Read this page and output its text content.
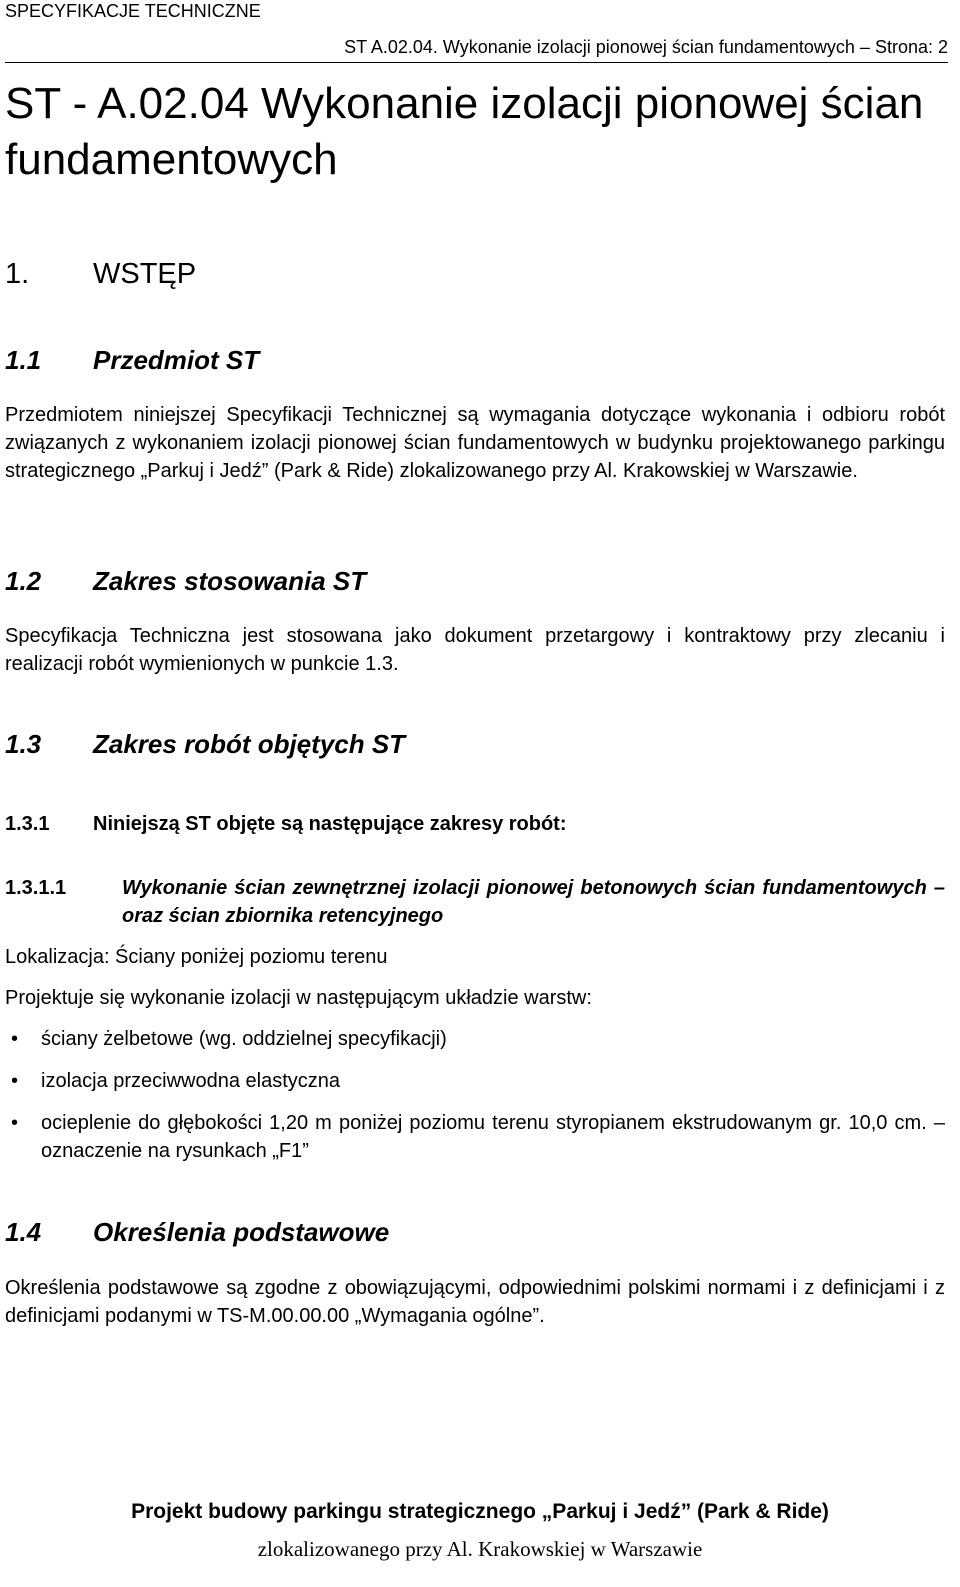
SPECYFIKACJE TECHNICZNE
ST A.02.04. Wykonanie izolacji pionowej ścian fundamentowych – Strona: 2
ST - A.02.04 Wykonanie izolacji pionowej ścian fundamentowych
1. WSTĘP
1.1 Przedmiot ST
Przedmiotem niniejszej Specyfikacji Technicznej są wymagania dotyczące wykonania i odbioru robót związanych z wykonaniem izolacji pionowej ścian fundamentowych w budynku projektowanego parkingu strategicznego „Parkuj i Jedź” (Park & Ride) zlokalizowanego przy Al. Krakowskiej w Warszawie.
1.2 Zakres stosowania ST
Specyfikacja Techniczna jest stosowana jako dokument przetargowy i kontraktowy przy zlecaniu i realizacji robót wymienionych w punkcie 1.3.
1.3 Zakres robót objętych ST
1.3.1 Niniejszą ST objęte są następujące zakresy robót:
1.3.1.1	Wykonanie ścian zewnętrznej izolacji pionowej betonowych ścian fundamentowych – oraz ścian zbiornika retencyjnego
Lokalizacja: Ściany poniżej poziomu terenu
Projektuje się wykonanie izolacji w następującym układzie warstw:
• ściany żelbetowe (wg. oddzielnej specyfikacji)
• izolacja przeciwwodna elastyczna
• ocieplenie do głębokości 1,20 m poniżej poziomu terenu styropianem ekstrudowanym gr. 10,0 cm. – oznaczenie na rysunkach „F1”
1.4 Określenia podstawowe
Określenia podstawowe są zgodne z obowiązującymi, odpowiednimi polskimi normami i z definicjami i z definicjami podanymi w TS-M.00.00.00 „Wymagania ogólne”.
Projekt budowy parkingu strategicznego „Parkuj i Jedź” (Park & Ride)
zlokalizowanego przy Al. Krakowskiej w Warszawie
